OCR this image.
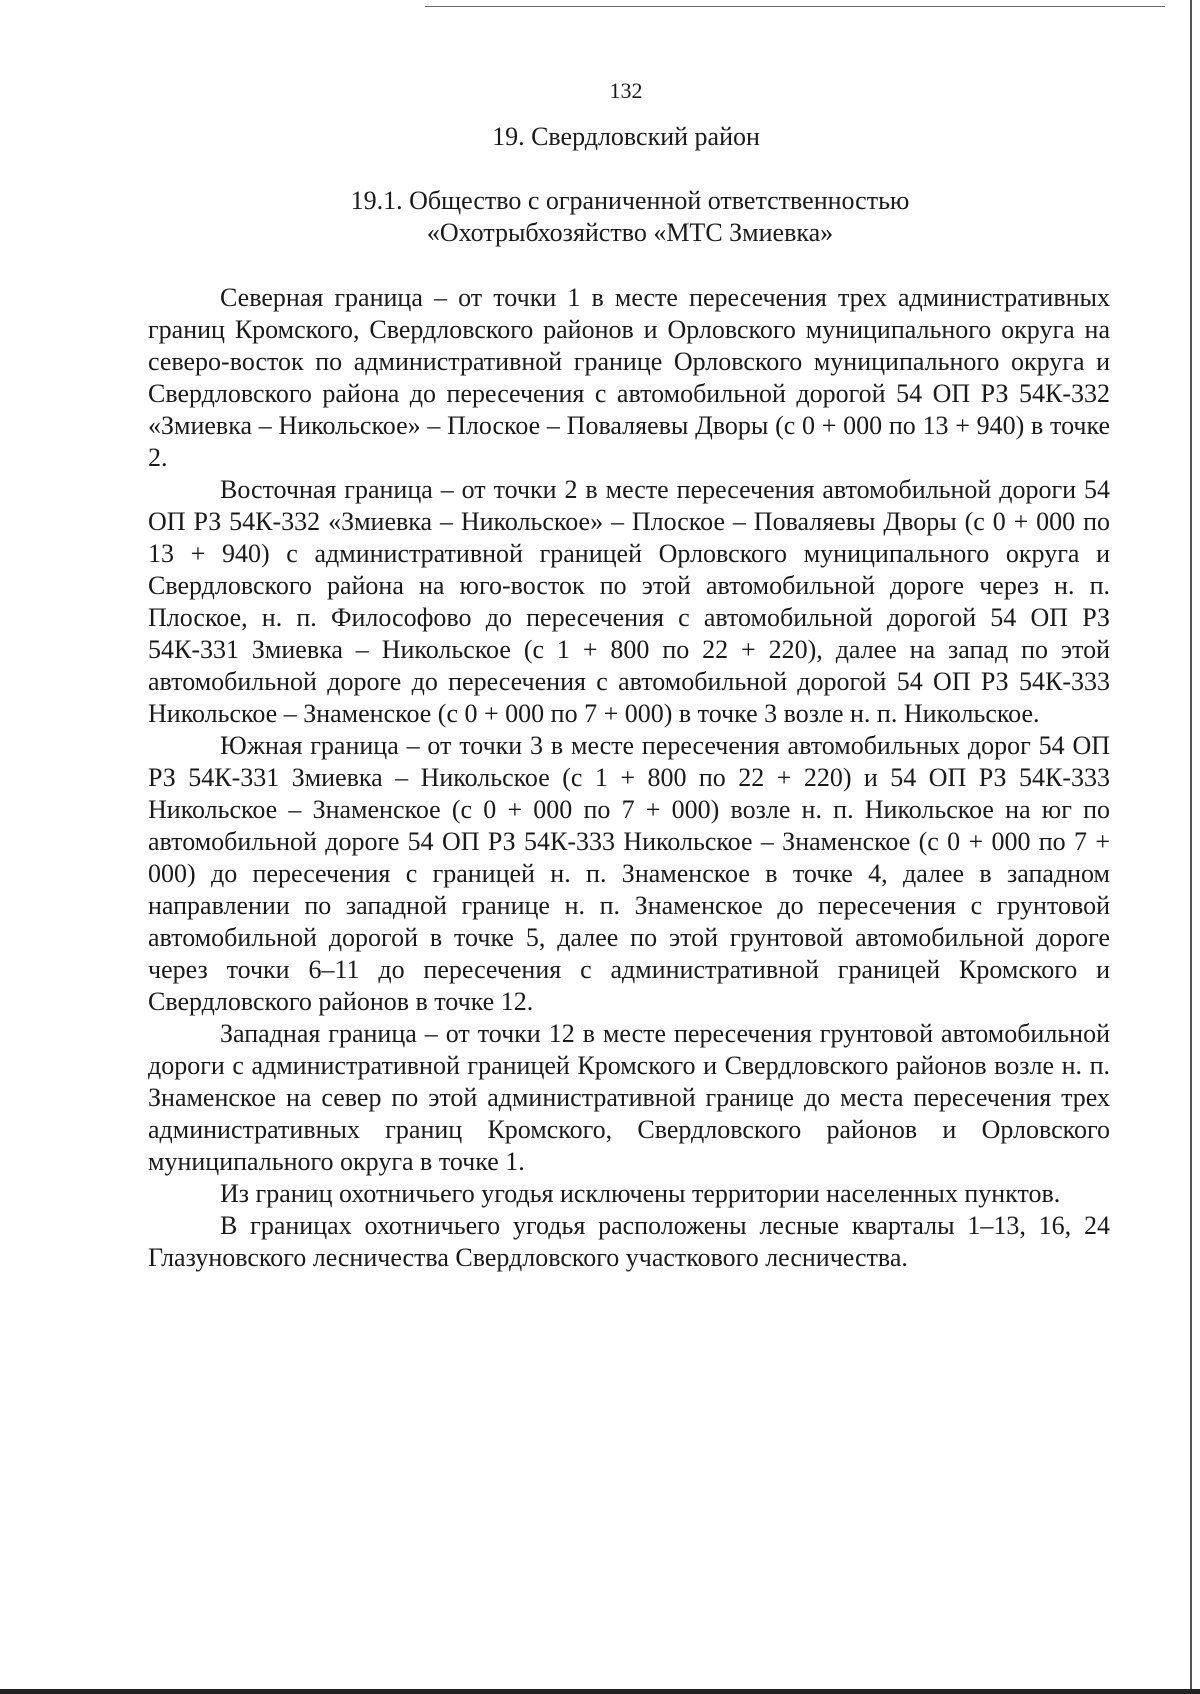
132
19. Свердловский район
19.1. Общество с ограниченной ответственностью
«Охотрыбхозяйство «МТС Змиевка»

Северная граница – от точки 1 в месте пересечения трех административных границ Кромского, Свердловского районов и Орловского муниципального округа на северо-восток по административной границе Орловского муниципального округа и Свердловского района до пересечения с автомобильной дорогой 54 ОП РЗ 54К-332 «Змиевка – Никольское» – Плоское – Поваляевы Дворы (с 0 + 000 по 13 + 940) в точке 2.

Восточная граница – от точки 2 в месте пересечения автомобильной дороги 54 ОП РЗ 54К-332 «Змиевка – Никольское» – Плоское – Поваляевы Дворы (с 0 + 000 по 13 + 940) с административной границей Орловского муниципального округа и Свердловского района на юго-восток по этой автомобильной дороге через н. п. Плоское, н. п. Философово до пересечения с автомобильной дорогой 54 ОП РЗ 54К-331 Змиевка – Никольское (с 1 + 800 по 22 + 220), далее на запад по этой автомобильной дороге до пересечения с автомобильной дорогой 54 ОП РЗ 54К-333 Никольское – Знаменское (с 0 + 000 по 7 + 000) в точке 3 возле н. п. Никольское.

Южная граница – от точки 3 в месте пересечения автомобильных дорог 54 ОП РЗ 54К-331 Змиевка – Никольское (с 1 + 800 по 22 + 220) и 54 ОП РЗ 54К-333 Никольское – Знаменское (с 0 + 000 по 7 + 000) возле н. п. Никольское на юг по автомобильной дороге 54 ОП РЗ 54К-333 Никольское – Знаменское (с 0 + 000 по 7 + 000) до пересечения с границей н. п. Знаменское в точке 4, далее в западном направлении по западной границе н. п. Знаменское до пересечения с грунтовой автомобильной дорогой в точке 5, далее по этой грунтовой автомобильной дороге через точки 6–11 до пересечения с административной границей Кромского и Свердловского районов в точке 12.

Западная граница – от точки 12 в месте пересечения грунтовой автомобильной дороги с административной границей Кромского и Свердловского районов возле н. п. Знаменское на север по этой административной границе до места пересечения трех административных границ Кромского, Свердловского районов и Орловского муниципального округа в точке 1.

Из границ охотничьего угодья исключены территории населенных пунктов.

В границах охотничьего угодья расположены лесные кварталы 1–13, 16, 24 Глазуновского лесничества Свердловского участкового лесничества.
